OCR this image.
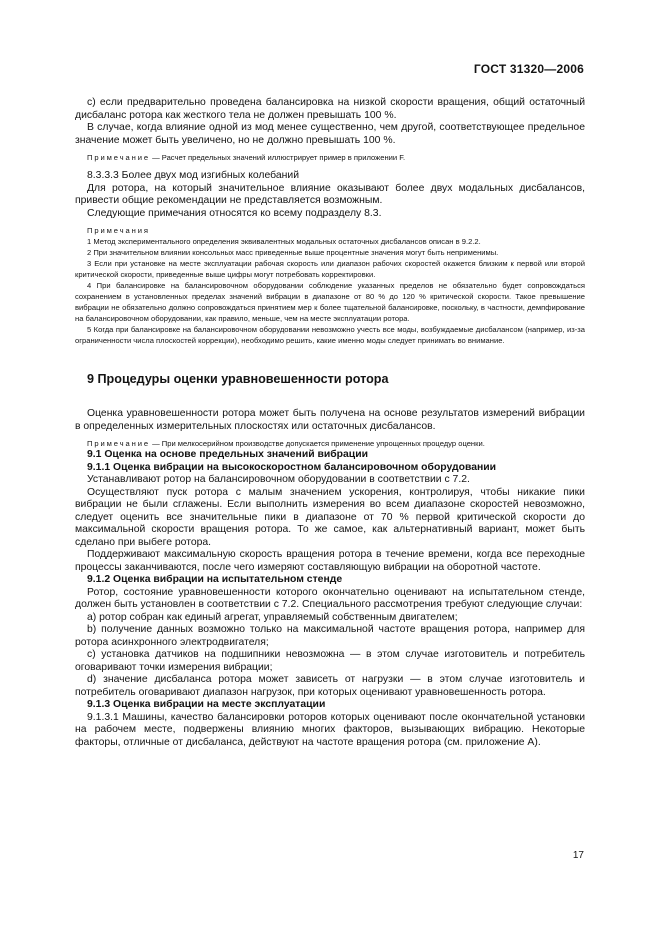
ГОСТ 31320—2006

c) если предварительно проведена балансировка на низкой скорости вращения, общий остаточный дисбаланс ротора как жесткого тела не должен превышать 100 %.

В случае, когда влияние одной из мод менее существенно, чем другой, соответствующее предельное значение может быть увеличено, но не должно превышать 100 %.

Примечание — Расчет предельных значений иллюстрирует пример в приложении F.

8.3.3.3 Более двух мод изгибных колебаний

Для ротора, на который значительное влияние оказывают более двух модальных дисбалансов, привести общие рекомендации не представляется возможным.

Следующие примечания относятся ко всему подразделу 8.3.

Примечания

1 Метод экспериментального определения эквивалентных модальных остаточных дисбалансов описан в 9.2.2.

2 При значительном влиянии консольных масс приведенные выше процентные значения могут быть неприменимы.

3 Если при установке на месте эксплуатации рабочая скорость или диапазон рабочих скоростей окажется близким к первой или второй критической скорости, приведенные выше цифры могут потребовать корректировки.

4 При балансировке на балансировочном оборудовании соблюдение указанных пределов не обязательно будет сопровождаться сохранением в установленных пределах значений вибрации в диапазоне от 80 % до 120 % критической скорости. Такое превышение вибрации не обязательно должно сопровождаться принятием мер к более тщательной балансировке, поскольку, в частности, демпфирование на балансировочном оборудовании, как правило, меньше, чем на месте эксплуатации ротора.

5 Когда при балансировке на балансировочном оборудовании невозможно учесть все моды, возбуждаемые дисбалансом (например, из-за ограниченности числа плоскостей коррекции), необходимо решить, какие именно моды следует принимать во внимание.

9 Процедуры оценки уравновешенности ротора

Оценка уравновешенности ротора может быть получена на основе результатов измерений вибрации в определенных измерительных плоскостях или остаточных дисбалансов.

Примечание — При мелкосерийном производстве допускается применение упрощенных процедур оценки.

9.1 Оценка на основе предельных значений вибрации
9.1.1 Оценка вибрации на высокоскоростном балансировочном оборудовании

Устанавливают ротор на балансировочном оборудовании в соответствии с 7.2.

Осуществляют пуск ротора с малым значением ускорения, контролируя, чтобы никакие пики вибрации не были сглажены. Если выполнить измерения во всем диапазоне скоростей невозможно, следует оценить все значительные пики в диапазоне от 70 % первой критической скорости до максимальной скорости вращения ротора. То же самое, как альтернативный вариант, может быть сделано при выбеге ротора.

Поддерживают максимальную скорость вращения ротора в течение времени, когда все переходные процессы заканчиваются, после чего измеряют составляющую вибрации на оборотной частоте.

9.1.2 Оценка вибрации на испытательном стенде

Ротор, состояние уравновешенности которого окончательно оценивают на испытательном стенде, должен быть установлен в соответствии с 7.2. Специального рассмотрения требуют следующие случаи:

a) ротор собран как единый агрегат, управляемый собственным двигателем;

b) получение данных возможно только на максимальной частоте вращения ротора, например для ротора асинхронного электродвигателя;

c) установка датчиков на подшипники невозможна — в этом случае изготовитель и потребитель оговаривают точки измерения вибрации;

d) значение дисбаланса ротора может зависеть от нагрузки — в этом случае изготовитель и потребитель оговаривают диапазон нагрузок, при которых оценивают уравновешенность ротора.

9.1.3 Оценка вибрации на месте эксплуатации

9.1.3.1 Машины, качество балансировки роторов которых оценивают после окончательной установки на рабочем месте, подвержены влиянию многих факторов, вызывающих вибрацию. Некоторые факторы, отличные от дисбаланса, действуют на частоте вращения ротора (см. приложение А).

17
